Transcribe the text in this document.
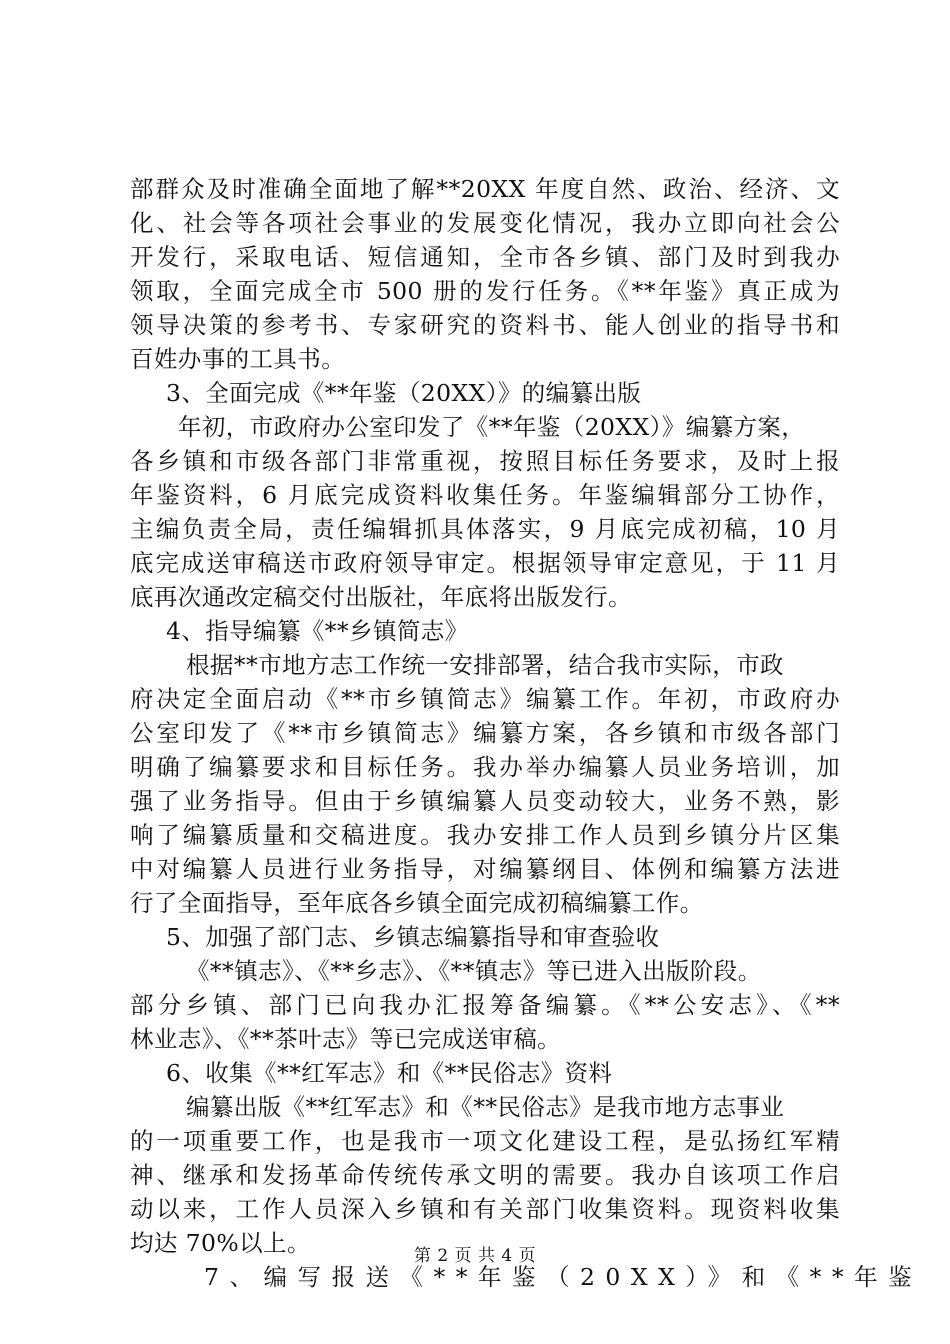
部群众及时准确全面地了解**20XX 年度自然、政治、经济、文
化、社会等各项社会事业的发展变化情况，我办立即向社会公
开发行，采取电话、短信通知，全市各乡镇、部门及时到我办
领取，全面完成全市 500 册的发行任务。《**年鉴》真正成为
领导决策的参考书、专家研究的资料书、能人创业的指导书和
百姓办事的工具书。
3、全面完成《**年鉴（20XX）》的编纂出版
年初，市政府办公室印发了《**年鉴（20XX）》编纂方案，
各乡镇和市级各部门非常重视，按照目标任务要求，及时上报
年鉴资料，6 月底完成资料收集任务。年鉴编辑部分工协作，
主编负责全局，责任编辑抓具体落实，9 月底完成初稿，10 月
底完成送审稿送市政府领导审定。根据领导审定意见，于 11 月
底再次通改定稿交付出版社，年底将出版发行。
4、指导编纂《**乡镇简志》
根据**市地方志工作统一安排部署，结合我市实际，市政
府决定全面启动《**市乡镇简志》编纂工作。年初，市政府办
公室印发了《**市乡镇简志》编纂方案，各乡镇和市级各部门
明确了编纂要求和目标任务。我办举办编纂人员业务培训，加
强了业务指导。但由于乡镇编纂人员变动较大，业务不熟，影
响了编纂质量和交稿进度。我办安排工作人员到乡镇分片区集
中对编纂人员进行业务指导，对编纂纲目、体例和编纂方法进
行了全面指导，至年底各乡镇全面完成初稿编纂工作。
5、加强了部门志、乡镇志编纂指导和审查验收
《**镇志》、《**乡志》、《**镇志》等已进入出版阶段。
部分乡镇、部门已向我办汇报筹备编纂。《**公安志》、《**
林业志》、《**茶叶志》等已完成送审稿。
6、收集《**红军志》和《**民俗志》资料
编纂出版《**红军志》和《**民俗志》是我市地方志事业
的一项重要工作，也是我市一项文化建设工程，是弘扬红军精
神、继承和发扬革命传统传承文明的需要。我办自该项工作启
动以来，工作人员深入乡镇和有关部门收集资料。现资料收集
均达 70%以上。
7、编写报送《**年鉴（20XX）》和《**年鉴
第 2 页 共 4 页
